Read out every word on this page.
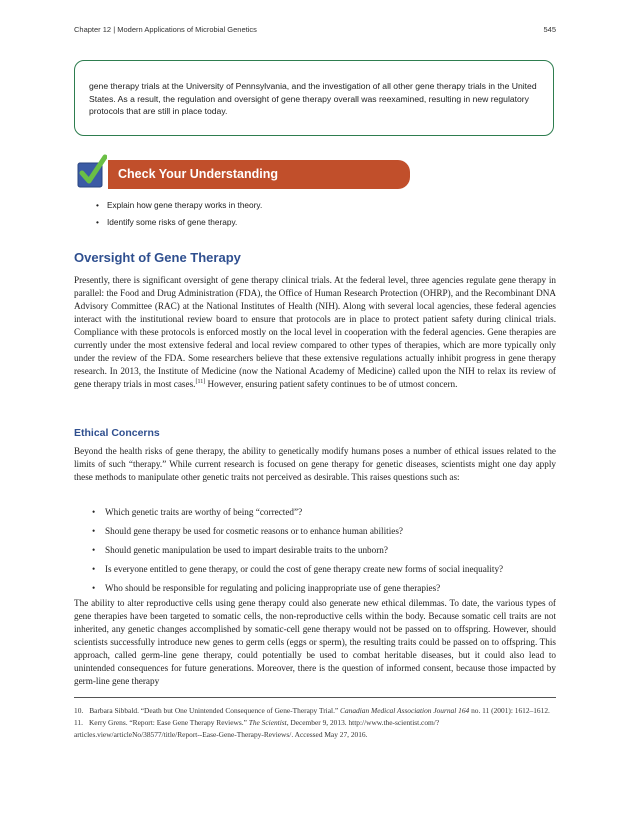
Chapter 12 | Modern Applications of Microbial Genetics	545
gene therapy trials at the University of Pennsylvania, and the investigation of all other gene therapy trials in the United States. As a result, the regulation and oversight of gene therapy overall was reexamined, resulting in new regulatory protocols that are still in place today.
Check Your Understanding
• Explain how gene therapy works in theory.
• Identify some risks of gene therapy.
Oversight of Gene Therapy

Presently, there is significant oversight of gene therapy clinical trials. At the federal level, three agencies regulate gene therapy in parallel: the Food and Drug Administration (FDA), the Office of Human Research Protection (OHRP), and the Recombinant DNA Advisory Committee (RAC) at the National Institutes of Health (NIH). Along with several local agencies, these federal agencies interact with the institutional review board to ensure that protocols are in place to protect patient safety during clinical trials. Compliance with these protocols is enforced mostly on the local level in cooperation with the federal agencies. Gene therapies are currently under the most extensive federal and local review compared to other types of therapies, which are more typically only under the review of the FDA. Some researchers believe that these extensive regulations actually inhibit progress in gene therapy research. In 2013, the Institute of Medicine (now the National Academy of Medicine) called upon the NIH to relax its review of gene therapy trials in most cases.[11] However, ensuring patient safety continues to be of utmost concern.

Ethical Concerns

Beyond the health risks of gene therapy, the ability to genetically modify humans poses a number of ethical issues related to the limits of such “therapy.” While current research is focused on gene therapy for genetic diseases, scientists might one day apply these methods to manipulate other genetic traits not perceived as desirable. This raises questions such as:

• Which genetic traits are worthy of being “corrected”?
• Should gene therapy be used for cosmetic reasons or to enhance human abilities?
• Should genetic manipulation be used to impart desirable traits to the unborn?
• Is everyone entitled to gene therapy, or could the cost of gene therapy create new forms of social inequality?
• Who should be responsible for regulating and policing inappropriate use of gene therapies?

The ability to alter reproductive cells using gene therapy could also generate new ethical dilemmas. To date, the various types of gene therapies have been targeted to somatic cells, the non-reproductive cells within the body. Because somatic cell traits are not inherited, any genetic changes accomplished by somatic-cell gene therapy would not be passed on to offspring. However, should scientists successfully introduce new genes to germ cells (eggs or sperm), the resulting traits could be passed on to offspring. This approach, called germ-line gene therapy, could potentially be used to combat heritable diseases, but it could also lead to unintended consequences for future generations. Moreover, there is the question of informed consent, because those impacted by germ-line gene therapy

10. Barbara Sibbald. “Death but One Unintended Consequence of Gene-Therapy Trial.” Canadian Medical Association Journal 164 no. 11 (2001): 1612–1612.
11. Kerry Grens. “Report: Ease Gene Therapy Reviews.” The Scientist, December 9, 2013. http://www.the-scientist.com/?articles.view/articleNo/38577/title/Report--Ease-Gene-Therapy-Reviews/. Accessed May 27, 2016.
